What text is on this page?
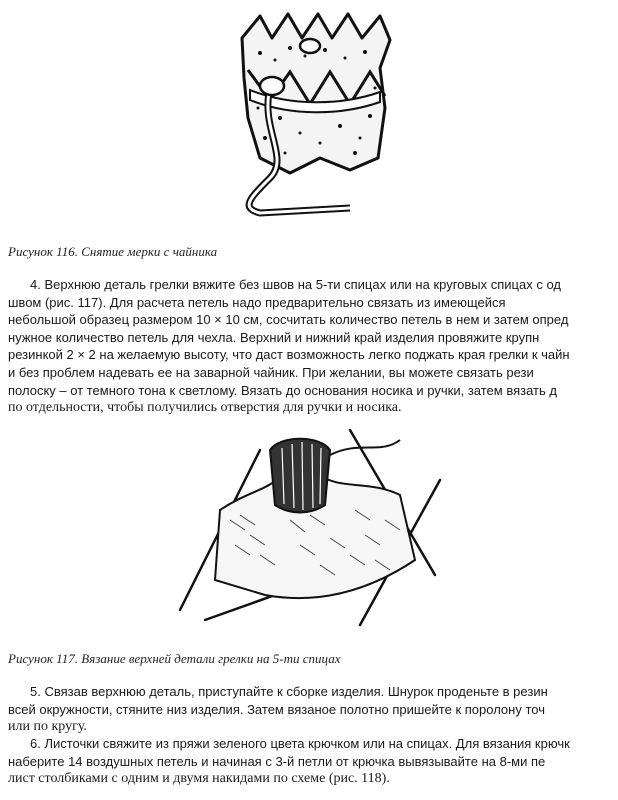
Рисунок 116. Снятие мерки с чайника
4. Верхнюю деталь грелки вяжите без швов на 5-ти спицах или на круговых спицах с од
швом (рис. 117). Для расчета петель надо предварительно связать из имеющейся
небольшой образец размером 10 × 10 см, сосчитать количество петель в нем и затем опред
нужное количество петель для чехла. Верхний и нижний край изделия провяжите крупн
резинкой 2 × 2 на желаемую высоту, что даст возможность легко поджать края грелки к чайн
и без проблем надевать ее на заварной чайник. При желании, вы можете связать рези
полоску – от темного тона к светлому. Вязать до основания носика и ручки, затем вязать д
по отдельности, чтобы получились отверстия для ручки и носика.
Рисунок 117. Вязание верхней детали грелки на 5-ти спицах
5. Связав верхнюю деталь, приступайте к сборке изделия. Шнурок проденьте в резин
всей окружности, стяните низ изделия. Затем вязаное полотно пришейте к поролону точ
или по кругу.
6. Листочки свяжите из пряжи зеленого цвета крючком или на спицах. Для вязания крючк
наберите 14 воздушных петель и начиная с 3-й петли от крючка вывязывайте на 8-ми пе
лист столбиками с одним и двумя накидами по схеме (рис. 118).
